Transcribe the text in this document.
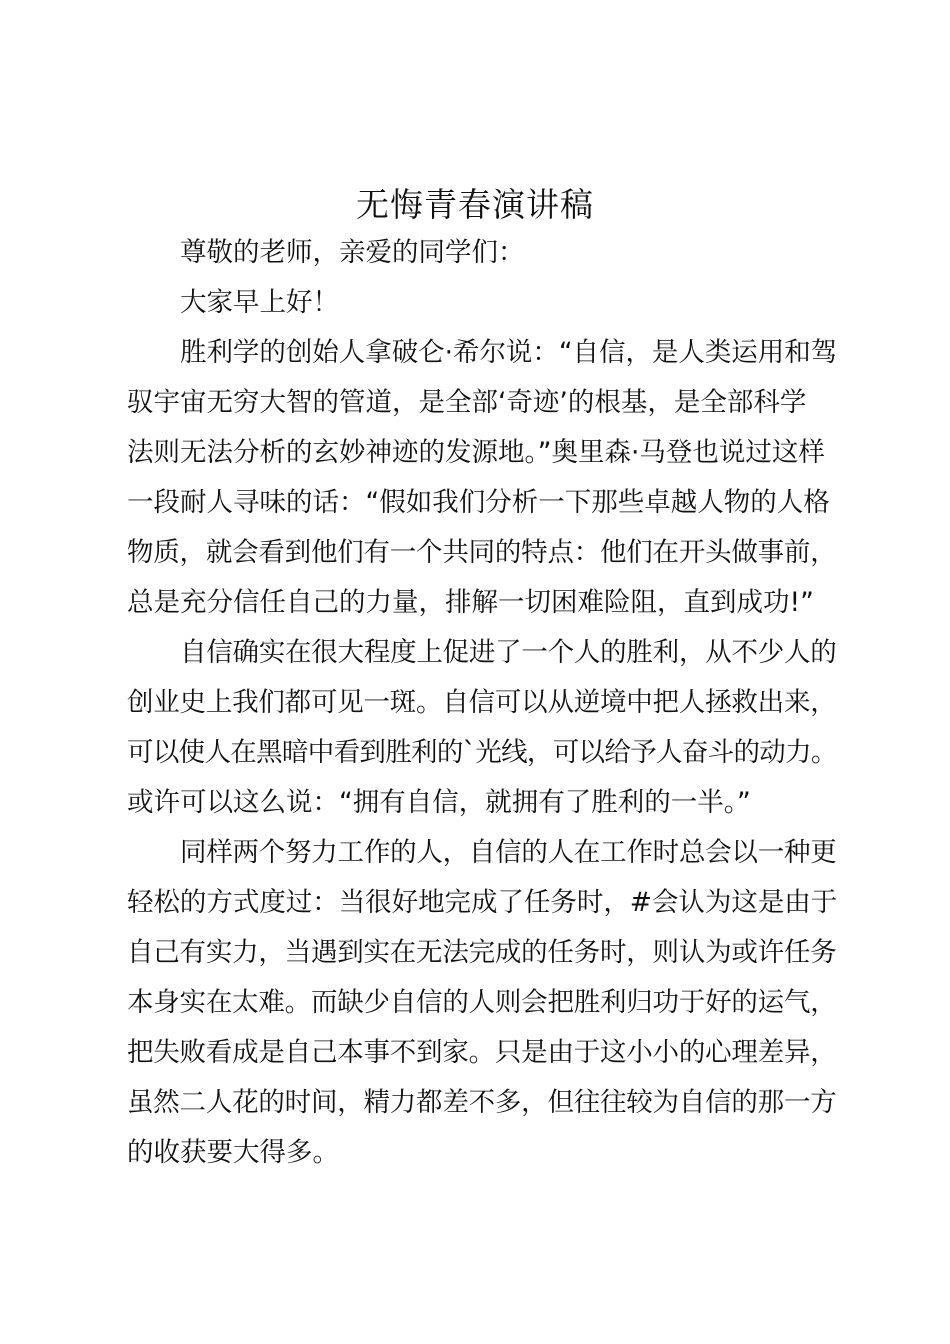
无悔青春演讲稿
尊敬的老师，亲爱的同学们：
大家早上好！
胜利学的创始人拿破仑·希尔说：“自信，是人类运用和驾
驭宇宙无穷大智的管道，是全部‘奇迹’的根基，是全部科学
法则无法分析的玄妙神迹的发源地。”奥里森·马登也说过这样
一段耐人寻味的话：“假如我们分析一下那些卓越人物的人格
物质，就会看到他们有一个共同的特点：他们在开头做事前，
总是充分信任自己的力量，排解一切困难险阻，直到成功!”
自信确实在很大程度上促进了一个人的胜利，从不少人的
创业史上我们都可见一斑。自信可以从逆境中把人拯救出来，
可以使人在黑暗中看到胜利的`光线，可以给予人奋斗的动力。
或许可以这么说：“拥有自信，就拥有了胜利的一半。”
同样两个努力工作的人，自信的人在工作时总会以一种更
轻松的方式度过：当很好地完成了任务时，#会认为这是由于
自己有实力，当遇到实在无法完成的任务时，则认为或许任务
本身实在太难。而缺少自信的人则会把胜利归功于好的运气，
把失败看成是自己本事不到家。只是由于这小小的心理差异，
虽然二人花的时间，精力都差不多，但往往较为自信的那一方
的收获要大得多。
